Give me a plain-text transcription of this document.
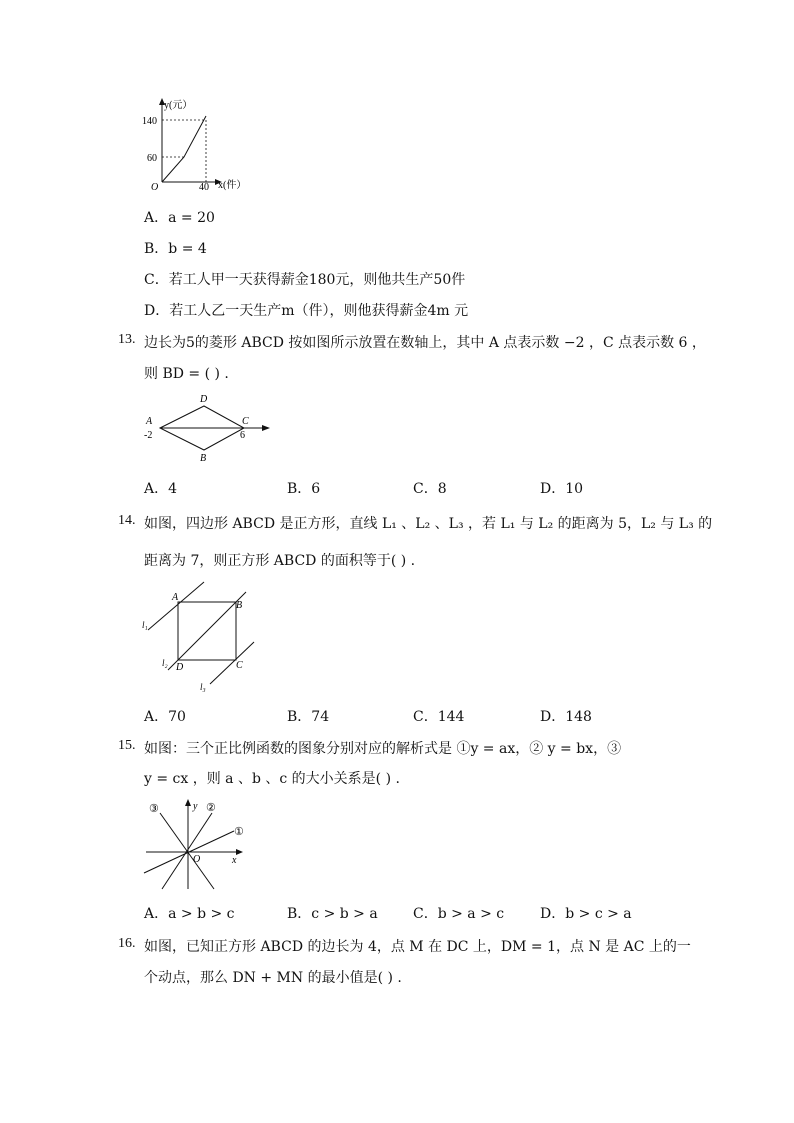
y(元）
x(件）
O
140
60
40
A．a = 20
B．b = 4
C．若工人甲一天获得薪金180元，则他共生产50件
D．若工人乙一天生产m（件），则他获得薪金4m 元
13. 边长为5的菱形 ABCD 按如图所示放置在数轴上，其中 A 点表示数 −2 ，C 点表示数 6 ，
则 BD = ( ) .
A
D
C
B
-2	6
A．4	B．6	C．8	D．10
14. 如图，四边形 ABCD 是正方形，直线 L₁ 、L₂ 、L₃ ，若 L₁ 与 L₂ 的距离为 5，L₂ 与 L₃ 的
距离为 7，则正方形 ABCD 的面积等于( ) .
A
B
C
D
l₁
l₂
l₃
A．70	B．74	C．144	D．148
15. 如图：三个正比例函数的图象分别对应的解析式是 ①y = ax，② y = bx，③
y = cx ，则 a 、b 、c 的大小关系是( ) .
①
②
③	y
x
O
A．a > b > c	B．c > b > a	C．b > a > c	D．b > c > a
16. 如图，已知正方形 ABCD 的边长为 4，点 M 在 DC 上，DM = 1，点 N 是 AC 上的一
个动点，那么 DN + MN 的最小值是( ) .
